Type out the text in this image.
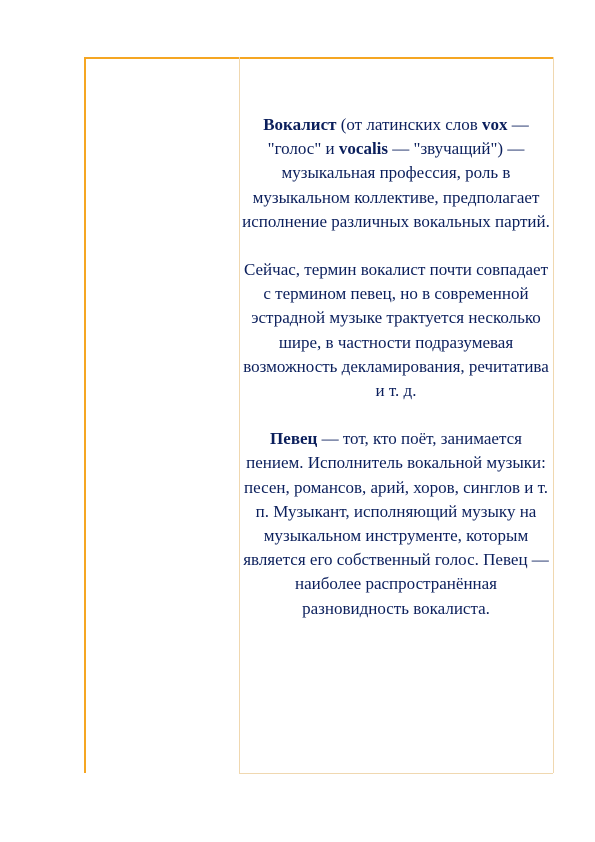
Вокалист (от латинских слов vox — "голос" и vocalis — "звучащий") — музыкальная профессия, роль в музыкальном коллективе, предполагает исполнение различных вокальных партий.

Сейчас, термин вокалист почти совпадает с термином певец, но в современной эстрадной музыке трактуется несколько шире, в частности подразумевая возможность декламирования, речитатива и т. д.

Певец — тот, кто поёт, занимается пением. Исполнитель вокальной музыки: песен, романсов, арий, хоров, синглов и т. п. Музыкант, исполняющий музыку на музыкальном инструменте, которым является его собственный голос. Певец — наиболее распространённая разновидность вокалиста.
